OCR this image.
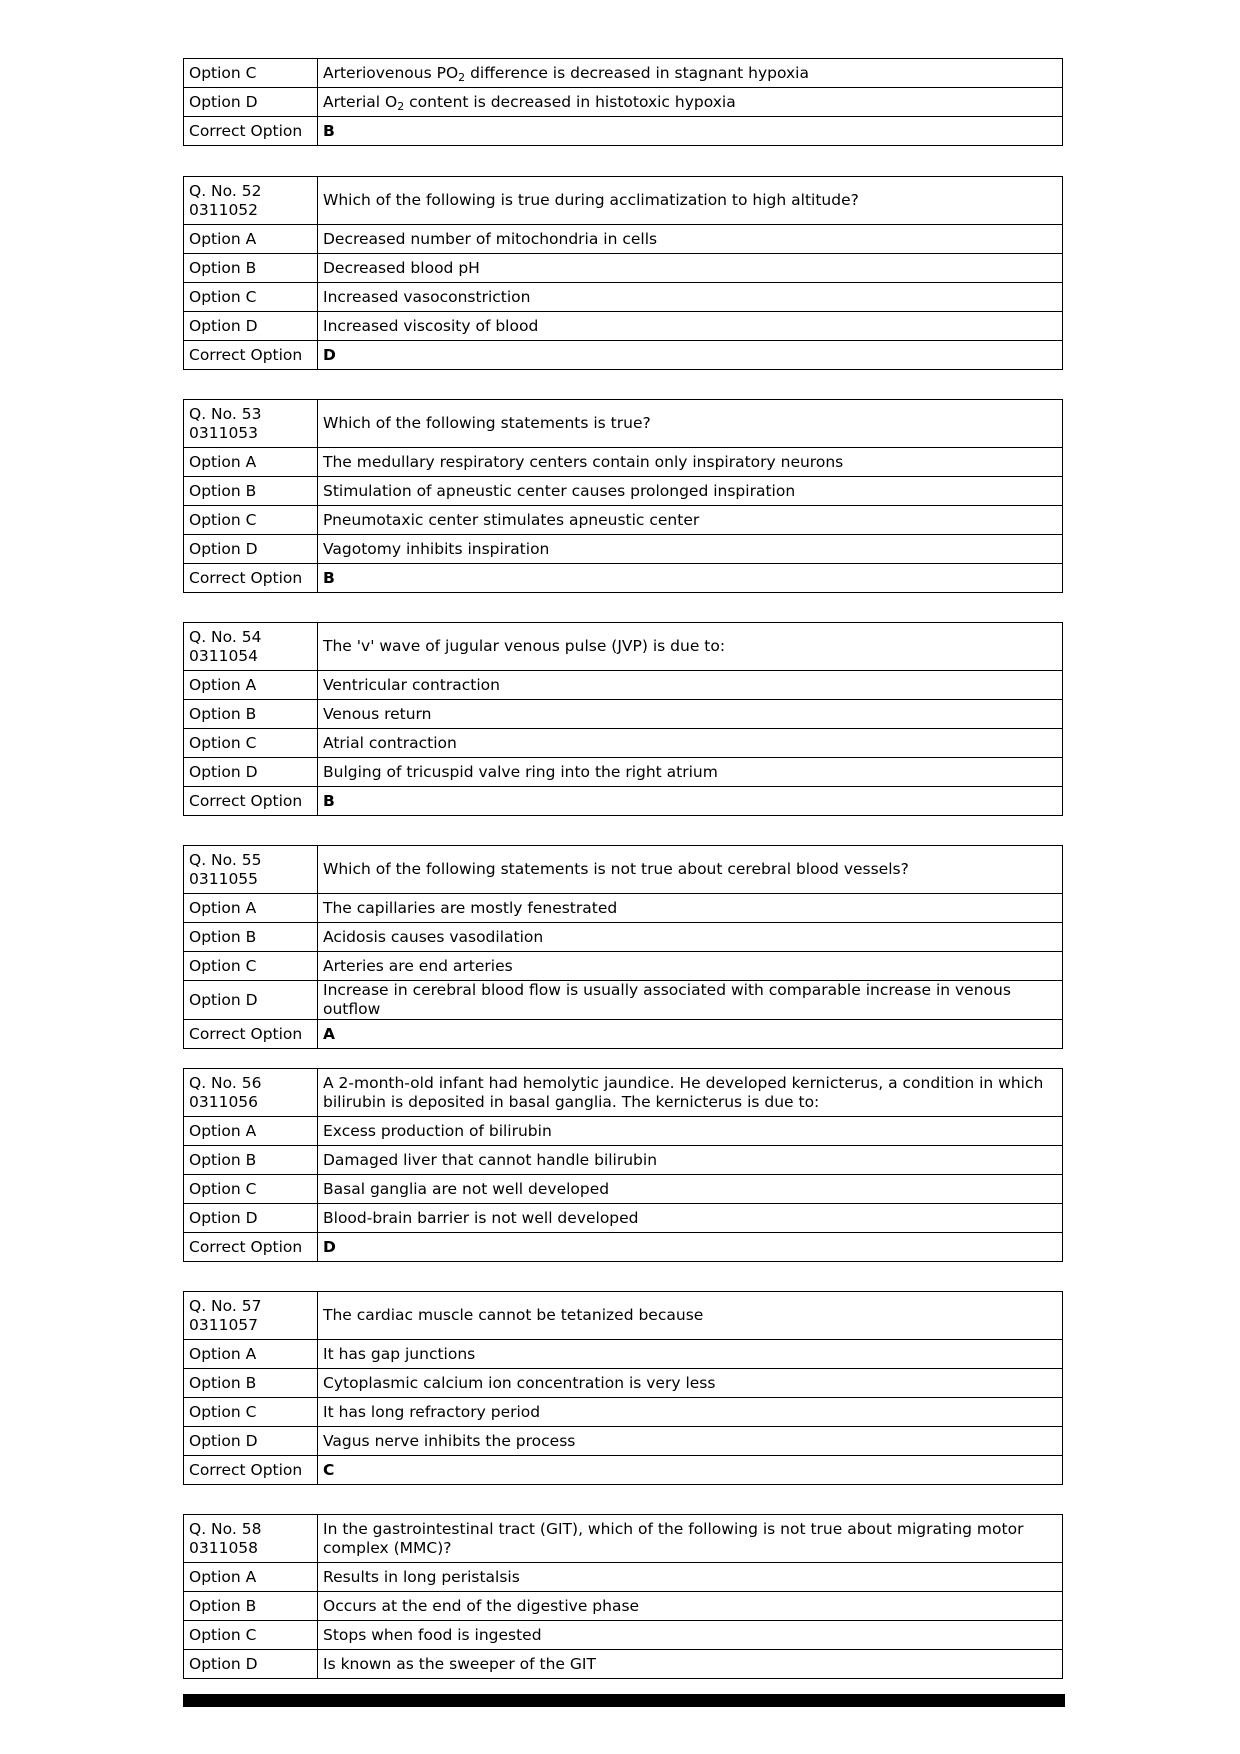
Option C	Arteriovenous $PO_2$ difference is decreased in stagnant hypoxia
Option D	Arterial $O_2$ content is decreased in histotoxic hypoxia
Correct Option	B
Q. No. 52
0311052	Which of the following is true during acclimatization to high altitude?
Option A	Decreased number of mitochondria in cells
Option B	Decreased blood pH
Option C	Increased vasoconstriction
Option D	Increased viscosity of blood
Correct Option	D
Q. No. 53
0311053	Which of the following statements is true?
Option A	The medullary respiratory centers contain only inspiratory neurons
Option B	Stimulation of apneustic center causes prolonged inspiration
Option C	Pneumotaxic center stimulates apneustic center
Option D	Vagotomy inhibits inspiration
Correct Option	B
Q. No. 54
0311054	The 'v' wave of jugular venous pulse (JVP) is due to:
Option A	Ventricular contraction
Option B	Venous return
Option C	Atrial contraction
Option D	Bulging of tricuspid valve ring into the right atrium
Correct Option	B
Q. No. 55
0311055	Which of the following statements is not true about cerebral blood vessels?
Option A	The capillaries are mostly fenestrated
Option B	Acidosis causes vasodilation
Option C	Arteries are end arteries
Option D	Increase in cerebral blood flow is usually associated with comparable increase in venous outflow
Correct Option	A
Q. No. 56
0311056	A 2-month-old infant had hemolytic jaundice. He developed kernicterus, a condition in which bilirubin is deposited in basal ganglia. The kernicterus is due to:
Option A	Excess production of bilirubin
Option B	Damaged liver that cannot handle bilirubin
Option C	Basal ganglia are not well developed
Option D	Blood-brain barrier is not well developed
Correct Option	D
Q. No. 57
0311057	The cardiac muscle cannot be tetanized because
Option A	It has gap junctions
Option B	Cytoplasmic calcium ion concentration is very less
Option C	It has long refractory period
Option D	Vagus nerve inhibits the process
Correct Option	C
Q. No. 58
0311058	In the gastrointestinal tract (GIT), which of the following is not true about migrating motor complex (MMC)?
Option A	Results in long peristalsis
Option B	Occurs at the end of the digestive phase
Option C	Stops when food is ingested
Option D	Is known as the sweeper of the GIT
